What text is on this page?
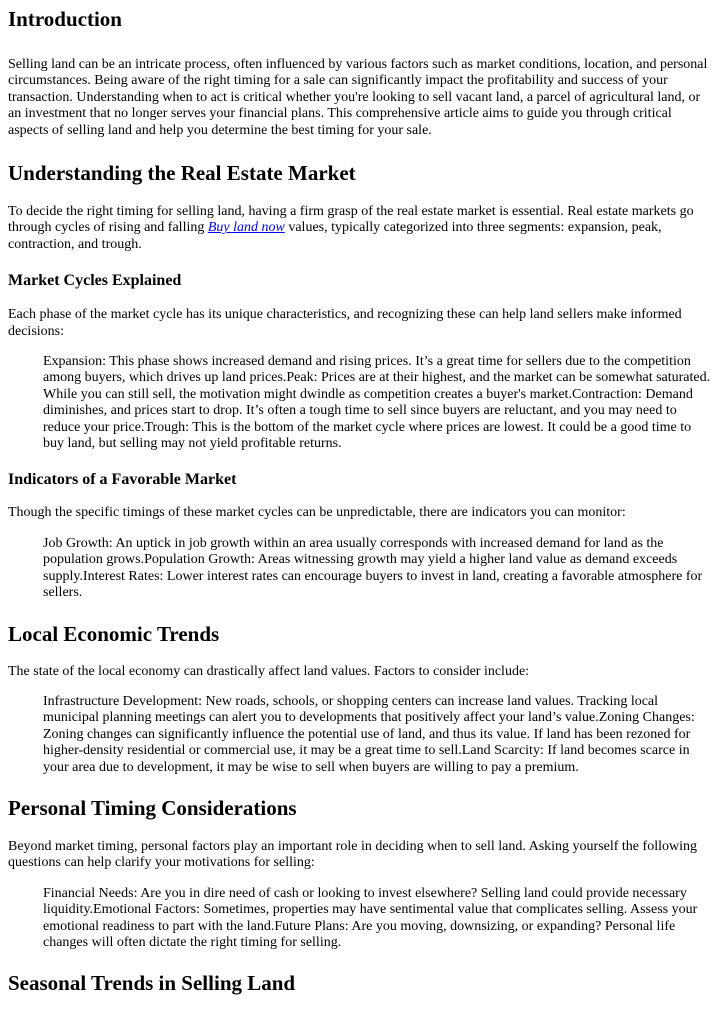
Introduction

Selling land can be an intricate process, often influenced by various factors such as market conditions, location, and personal circumstances. Being aware of the right timing for a sale can significantly impact the profitability and success of your transaction. Understanding when to act is critical whether you're looking to sell vacant land, a parcel of agricultural land, or an investment that no longer serves your financial plans. This comprehensive article aims to guide you through critical aspects of selling land and help you determine the best timing for your sale.

Understanding the Real Estate Market

To decide the right timing for selling land, having a firm grasp of the real estate market is essential. Real estate markets go through cycles of rising and falling Buy land now values, typically categorized into three segments: expansion, peak, contraction, and trough.

Market Cycles Explained

Each phase of the market cycle has its unique characteristics, and recognizing these can help land sellers make informed decisions:

Expansion: This phase shows increased demand and rising prices. It’s a great time for sellers due to the competition among buyers, which drives up land prices.Peak: Prices are at their highest, and the market can be somewhat saturated. While you can still sell, the motivation might dwindle as competition creates a buyer's market.Contraction: Demand diminishes, and prices start to drop. It’s often a tough time to sell since buyers are reluctant, and you may need to reduce your price.Trough: This is the bottom of the market cycle where prices are lowest. It could be a good time to buy land, but selling may not yield profitable returns.
Indicators of a Favorable Market

Though the specific timings of these market cycles can be unpredictable, there are indicators you can monitor:

Job Growth: An uptick in job growth within an area usually corresponds with increased demand for land as the population grows.Population Growth: Areas witnessing growth may yield a higher land value as demand exceeds supply.Interest Rates: Lower interest rates can encourage buyers to invest in land, creating a favorable atmosphere for sellers.
Local Economic Trends

The state of the local economy can drastically affect land values. Factors to consider include:

Infrastructure Development: New roads, schools, or shopping centers can increase land values. Tracking local municipal planning meetings can alert you to developments that positively affect your land’s value.Zoning Changes: Zoning changes can significantly influence the potential use of land, and thus its value. If land has been rezoned for higher-density residential or commercial use, it may be a great time to sell.Land Scarcity: If land becomes scarce in your area due to development, it may be wise to sell when buyers are willing to pay a premium.
Personal Timing Considerations

Beyond market timing, personal factors play an important role in deciding when to sell land. Asking yourself the following questions can help clarify your motivations for selling:

Financial Needs: Are you in dire need of cash or looking to invest elsewhere? Selling land could provide necessary liquidity.Emotional Factors: Sometimes, properties may have sentimental value that complicates selling. Assess your emotional readiness to part with the land.Future Plans: Are you moving, downsizing, or expanding? Personal life changes will often dictate the right timing for selling.
Seasonal Trends in Selling Land
